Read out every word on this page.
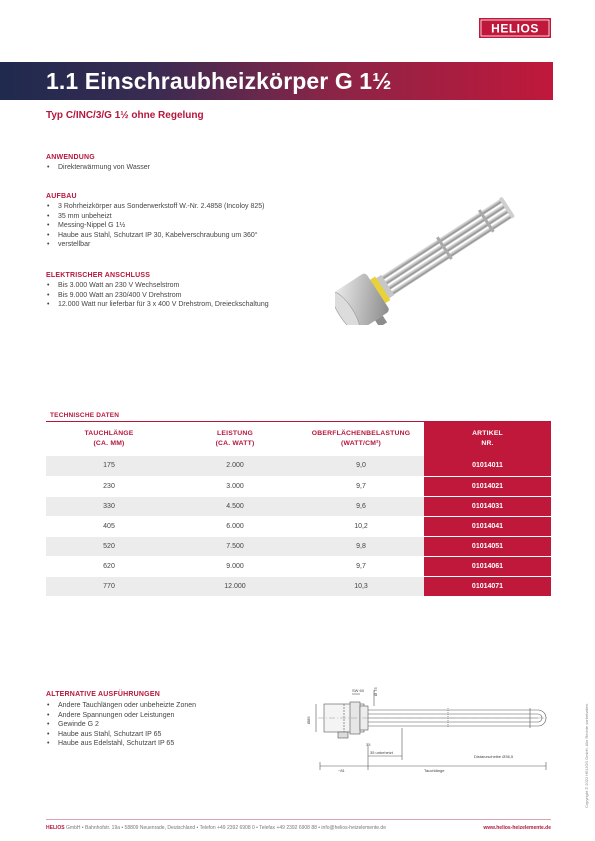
HELIOS
1.1 Einschraubheizkörper G 1½
Typ C/INC/3/G 1½ ohne Regelung
ANWENDUNG
• Direkterwärmung von Wasser
AUFBAU
• 3 Rohrheizkörper aus Sonderwerkstoff W.-Nr. 2.4858 (Incoloy 825)
• 35 mm unbeheizt
• Messing-Nippel G 1½
• Haube aus Stahl, Schutzart IP 30, Kabelverschraubung um 360°
• verstellbar
ELEKTRISCHER ANSCHLUSS
• Bis 3.000 Watt an 230 V Wechselstrom
• Bis 9.000 Watt an 230/400 V Drehstrom
• 12.000 Watt nur lieferbar für 3 x 400 V Drehstrom, Dreieckschaltung
TECHNISCHE DATEN
TAUCHLÄNGE
(CA. MM)	LEISTUNG
(CA. WATT)	OBERFLÄCHENBELASTUNG
(WATT/CM²)	ARTIKEL
NR.
175	2.000	9,0	01014011
230	3.000	9,7	01014021
330	4.500	9,6	01014031
405	6.000	10,2	01014041
520	7.500	9,8	01014051
620	9.000	9,7	01014061
770	12.000	10,3	01014071
ALTERNATIVE AUSFÜHRUNGEN
• Andere Tauchlängen oder unbeheizte Zonen
• Andere Spannungen oder Leistungen
• Gewinde G 2
• Haube aus Stahl, Schutzart IP 65
• Haube aus Edelstahl, Schutzart IP 65
SW 60 Ø 75
Ø85
35
~81
35 unbeheizt
Tauchlänge
Distanzscheibe Ø36,5	Copyright © 2022 HELIOS GmbH. Alle Rechte vorbehalten.
HELIOS GmbH • Bahnhofstr. 19a • 58809 Neuenrade, Deutschland • Telefon +49 2392 6908 0 • Telefax +49 2392 6908 88 • info@helios-heizelemente.de	www.helios-heizelemente.de
